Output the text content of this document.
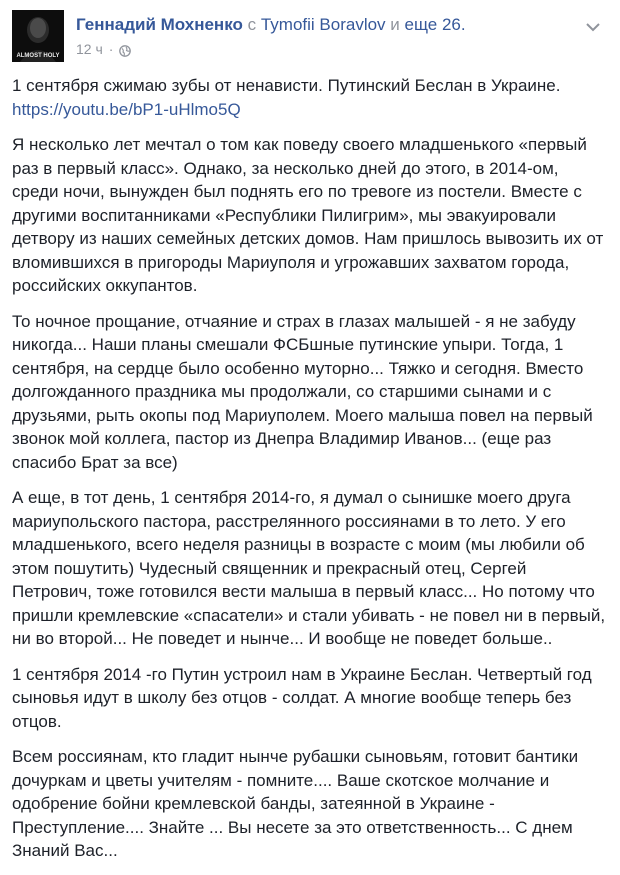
ALMOST HOLY
Геннадий Мохненко с Tymofii Boravlov и еще 26.
12 ч ·

1 сентября сжимаю зубы от ненависти. Путинский Беслан в Украине.
https://youtu.be/bP1-uHlmo5Q

Я несколько лет мечтал о том как поведу своего младшенького «первый раз в первый класс». Однако, за несколько дней до этого, в 2014-ом, среди ночи, вынужден был поднять его по тревоге из постели. Вместе с другими воспитанниками «Республики Пилигрим», мы эвакуировали детвору из наших семейных детских домов. Нам пришлось вывозить их от вломившихся в пригороды Мариуполя и угрожавших захватом города, российских оккупантов.

То ночное прощание, отчаяние и страх в глазах малышей - я не забуду никогда... Наши планы смешали ФСБшные путинские упыри. Тогда, 1 сентября, на сердце было особенно муторно... Тяжко и сегодня. Вместо долгожданного праздника мы продолжали, со старшими сынами и с друзьями, рыть окопы под Мариуполем. Моего малыша повел на первый звонок мой коллега, пастор из Днепра Владимир Иванов... (еще раз спасибо Брат за все)

А еще, в тот день, 1 сентября 2014-го, я думал о сынишке моего друга мариупольского пастора, расстрелянного россиянами в то лето. У его младшенького, всего неделя разницы в возрасте с моим (мы любили об этом пошутить) Чудесный священник и прекрасный отец, Сергей Петрович, тоже готовился вести малыша в первый класс... Но потому что пришли кремлевские «спасатели» и стали убивать - не повел ни в первый, ни во второй... Не поведет и нынче... И вообще не поведет больше..

1 сентября 2014 -го Путин устроил нам в Украине Беслан. Четвертый год сыновья идут в школу без отцов - солдат. А многие вообще теперь без отцов.

Всем россиянам, кто гладит нынче рубашки сыновьям, готовит бантики дочуркам и цветы учителям - помните.... Ваше скотское молчание и одобрение бойни кремлевской банды, затеянной в Украине - Преступление.... Знайте ... Вы несете за это ответственность... С днем Знаний Вас...
